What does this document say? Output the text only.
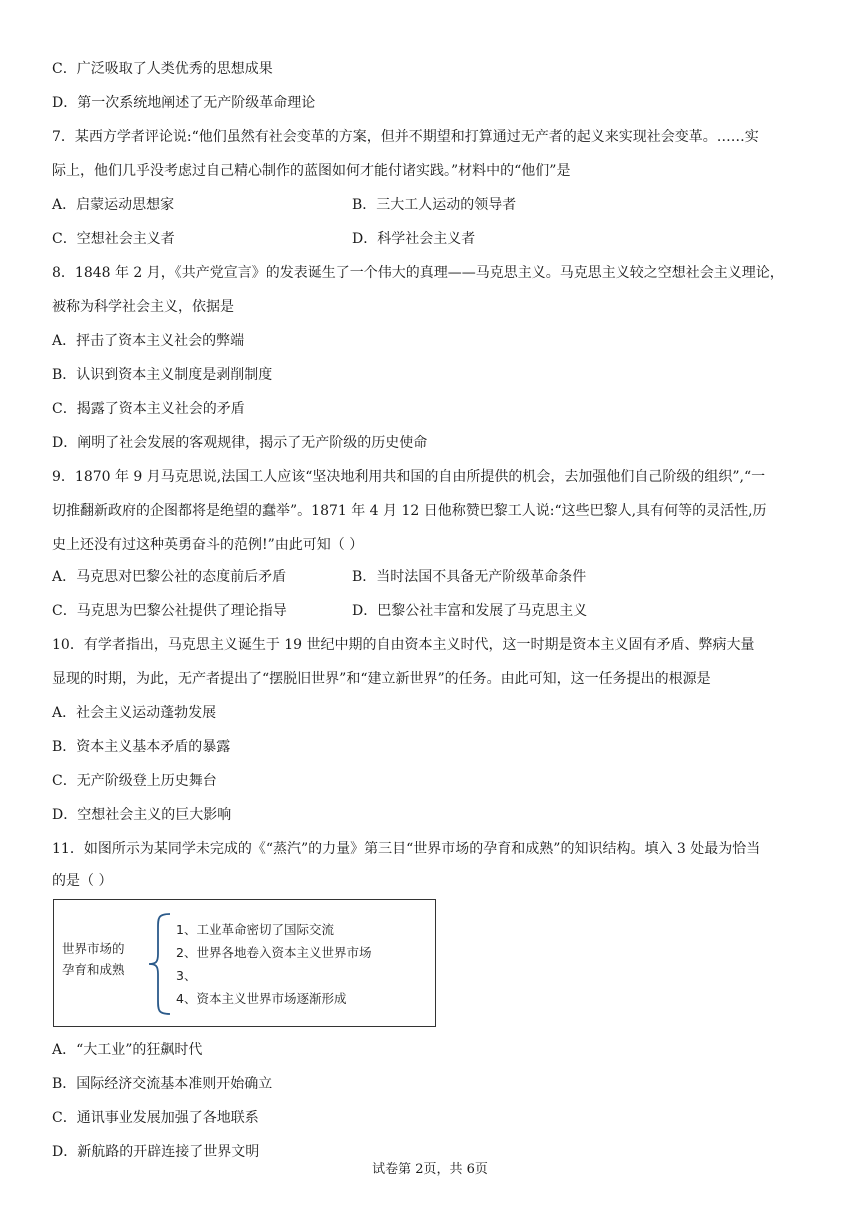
C．广泛吸取了人类优秀的思想成果
D．第一次系统地阐述了无产阶级革命理论
7．某西方学者评论说:“他们虽然有社会变革的方案，但并不期望和打算通过无产者的起义来实现社会变革。……实
际上，他们几乎没考虑过自己精心制作的蓝图如何才能付诸实践。”材料中的“他们”是
A．启蒙运动思想家	B．三大工人运动的领导者
C．空想社会主义者	D．科学社会主义者
8．1848 年 2 月，《共产党宣言》的发表诞生了一个伟大的真理——马克思主义。马克思主义较之空想社会主义理论，
被称为科学社会主义，依据是
A．抨击了资本主义社会的弊端
B．认识到资本主义制度是剥削制度
C．揭露了资本主义社会的矛盾
D．阐明了社会发展的客观规律，揭示了无产阶级的历史使命
9．1870 年 9 月马克思说,法国工人应该“坚决地利用共和国的自由所提供的机会，去加强他们自己阶级的组织”,“一
切推翻新政府的企图都将是绝望的蠢举”。1871 年 4 月 12 日他称赞巴黎工人说:“这些巴黎人,具有何等的灵活性,历
史上还没有过这种英勇奋斗的范例!”由此可知（ ）
A．马克思对巴黎公社的态度前后矛盾	B．当时法国不具备无产阶级革命条件
C．马克思为巴黎公社提供了理论指导	D．巴黎公社丰富和发展了马克思主义
10．有学者指出，马克思主义诞生于 19 世纪中期的自由资本主义时代，这一时期是资本主义固有矛盾、弊病大量
显现的时期，为此，无产者提出了“摆脱旧世界”和“建立新世界”的任务。由此可知，这一任务提出的根源是
A．社会主义运动蓬勃发展
B．资本主义基本矛盾的暴露
C．无产阶级登上历史舞台
D．空想社会主义的巨大影响
11．如图所示为某同学未完成的《“蒸汽”的力量》第三目“世界市场的孕育和成熟”的知识结构。填入 3 处最为恰当
的是（ ）
世界市场的
孕育和成熟
1、工业革命密切了国际交流
2、世界各地卷入资本主义世界市场
3、
4、资本主义世界市场逐渐形成
A．“大工业”的狂飙时代
B．国际经济交流基本准则开始确立
C．通讯事业发展加强了各地联系
D．新航路的开辟连接了世界文明
试卷第 2页，共 6页
